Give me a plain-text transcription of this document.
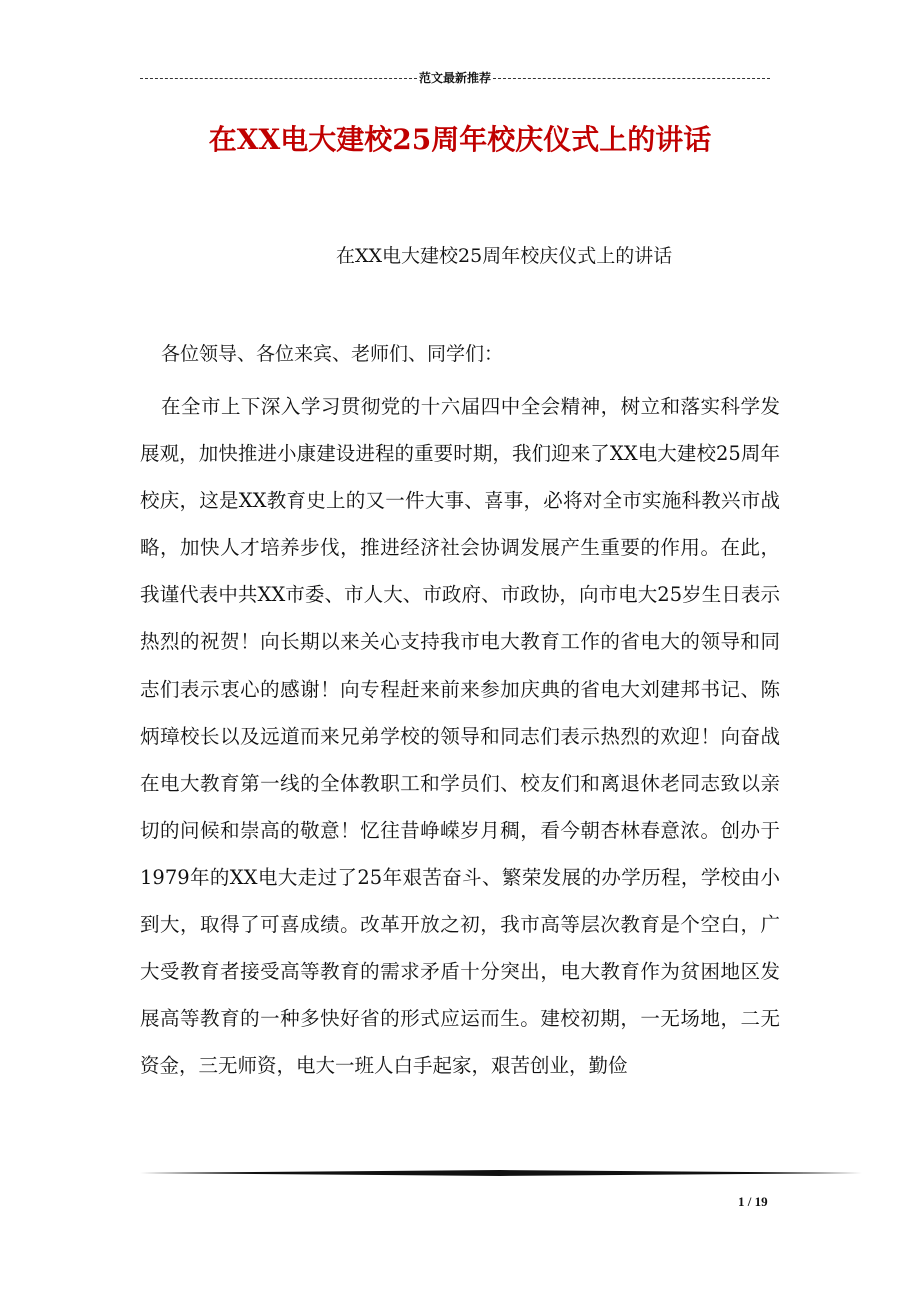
范文最新推荐
在XX电大建校25周年校庆仪式上的讲话
在XX电大建校25周年校庆仪式上的讲话
各位领导、各位来宾、老师们、同学们：
在全市上下深入学习贯彻党的十六届四中全会精神，树立和落实科学发展观，加快推进小康建设进程的重要时期，我们迎来了XX电大建校25周年校庆，这是XX教育史上的又一件大事、喜事，必将对全市实施科教兴市战略，加快人才培养步伐，推进经济社会协调发展产生重要的作用。在此，我谨代表中共XX市委、市人大、市政府、市政协，向市电大25岁生日表示热烈的祝贺！向长期以来关心支持我市电大教育工作的省电大的领导和同志们表示衷心的感谢！向专程赶来前来参加庆典的省电大刘建邦书记、陈炳璋校长以及远道而来兄弟学校的领导和同志们表示热烈的欢迎！向奋战在电大教育第一线的全体教职工和学员们、校友们和离退休老同志致以亲切的问候和崇高的敬意！忆往昔峥嵘岁月稠，看今朝杏林春意浓。创办于1979年的XX电大走过了25年艰苦奋斗、繁荣发展的办学历程，学校由小到大，取得了可喜成绩。改革开放之初，我市高等层次教育是个空白，广大受教育者接受高等教育的需求矛盾十分突出，电大教育作为贫困地区发展高等教育的一种多快好省的形式应运而生。建校初期，一无场地，二无资金，三无师资，电大一班人白手起家，艰苦创业，勤俭
1 / 19
